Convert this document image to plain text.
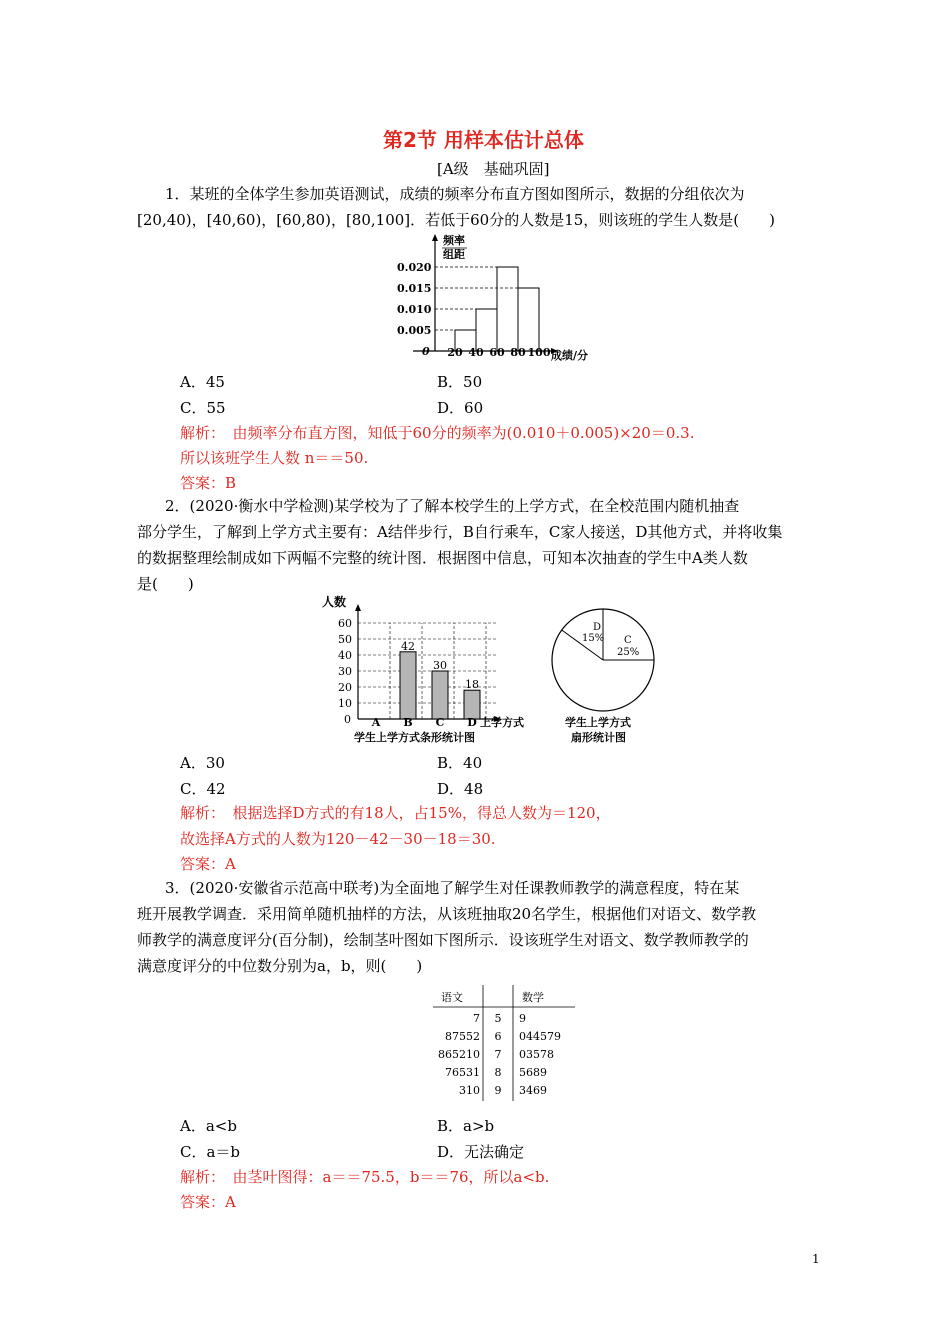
第2节 用样本估计总体
[A级　基础巩固]
1．某班的全体学生参加英语测试，成绩的频率分布直方图如图所示，数据的分组依次为
[20,40)，[40,60)，[60,80)，[80,100]．若低于60分的人数是15，则该班的学生人数是(　　)
0.005
0.010
0.015
0.020
20 40 60 80 100
频率
组距
0	成绩/分
A．45	B．50
C．55	D．60
解析：　由频率分布直方图，知低于60分的频率为(0.010＋0.005)×20＝0.3.
所以该班学生人数 n＝＝50.
答案：B
2．(2020·衡水中学检测)某学校为了了解本校学生的上学方式，在全校范围内随机抽查
部分学生，了解到上学方式主要有：A结伴步行，B自行乘车，C家人接送，D其他方式，并将收集
的数据整理绘制成如下两幅不完整的统计图．根据图中信息，可知本次抽查的学生中A类人数
是(　　)
42
30
18
10
20
30
40
50
60
A B C D
人数
0	上学方式
学生上学方式条形统计图
D
15% C
25%
学生上学方式
扇形统计图
A．30	B．40
C．42	D．48
解析：　根据选择D方式的有18人，占15%，得总人数为＝120，
故选择A方式的人数为120－42－30－18＝30.
答案：A
3．(2020·安徽省示范高中联考)为全面地了解学生对任课教师教学的满意程度，特在某
班开展教学调查．采用简单随机抽样的方法，从该班抽取20名学生，根据他们对语文、数学教
师教学的满意度评分(百分制)，绘制茎叶图如下图所示．设该班学生对语文、数学教师教学的
满意度评分的中位数分别为a，b，则(　　)
语文	数学
7 5 9
87552 6 044579
865210 7 03578
76531 8 5689
310 9 3469
A．a<b	B．a>b
C．a＝b	D．无法确定
解析：　由茎叶图得：a＝＝75.5，b＝＝76，所以a<b.
答案：A
1
